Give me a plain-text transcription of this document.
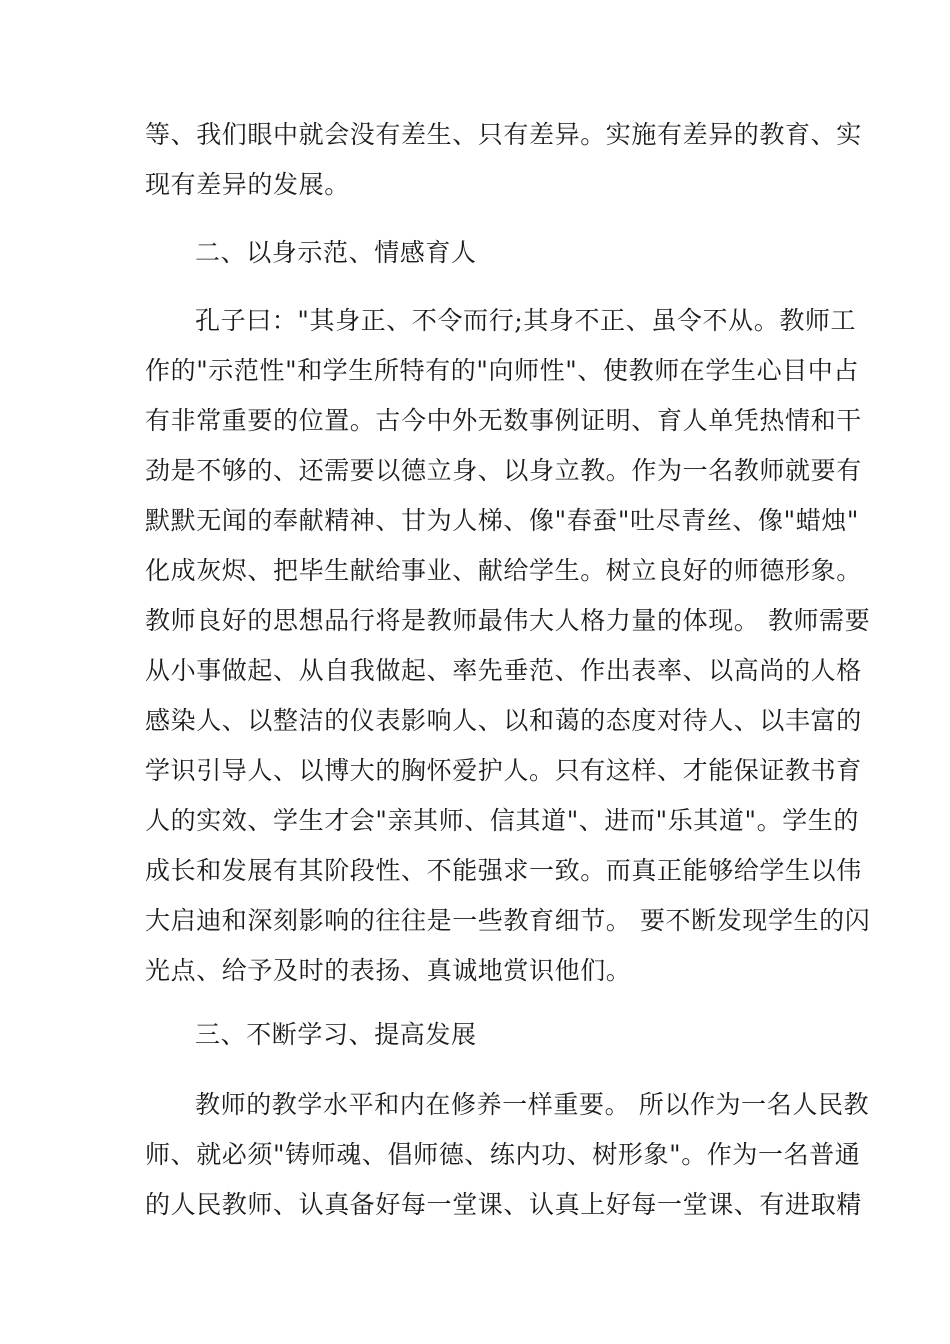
等、我们眼中就会没有差生、只有差异。实施有差异的教育、实
现有差异的发展。
二、以身示范、情感育人
孔子曰："其身正、不令而行;其身不正、虽令不从。教师工
作的"示范性"和学生所特有的"向师性"、使教师在学生心目中占
有非常重要的位置。古今中外无数事例证明、育人单凭热情和干
劲是不够的、还需要以德立身、以身立教。作为一名教师就要有
默默无闻的奉献精神、甘为人梯、像"春蚕"吐尽青丝、像"蜡烛"
化成灰烬、把毕生献给事业、献给学生。树立良好的师德形象。
教师良好的思想品行将是教师最伟大人格力量的体现。 教师需要
从小事做起、从自我做起、率先垂范、作出表率、以高尚的人格
感染人、以整洁的仪表影响人、以和蔼的态度对待人、以丰富的
学识引导人、以博大的胸怀爱护人。只有这样、才能保证教书育
人的实效、学生才会"亲其师、信其道"、进而"乐其道"。学生的
成长和发展有其阶段性、不能强求一致。而真正能够给学生以伟
大启迪和深刻影响的往往是一些教育细节。 要不断发现学生的闪
光点、给予及时的表扬、真诚地赏识他们。
三、不断学习、提高发展
教师的教学水平和内在修养一样重要。 所以作为一名人民教
师、就必须"铸师魂、倡师德、练内功、树形象"。作为一名普通
的人民教师、认真备好每一堂课、认真上好每一堂课、有进取精
